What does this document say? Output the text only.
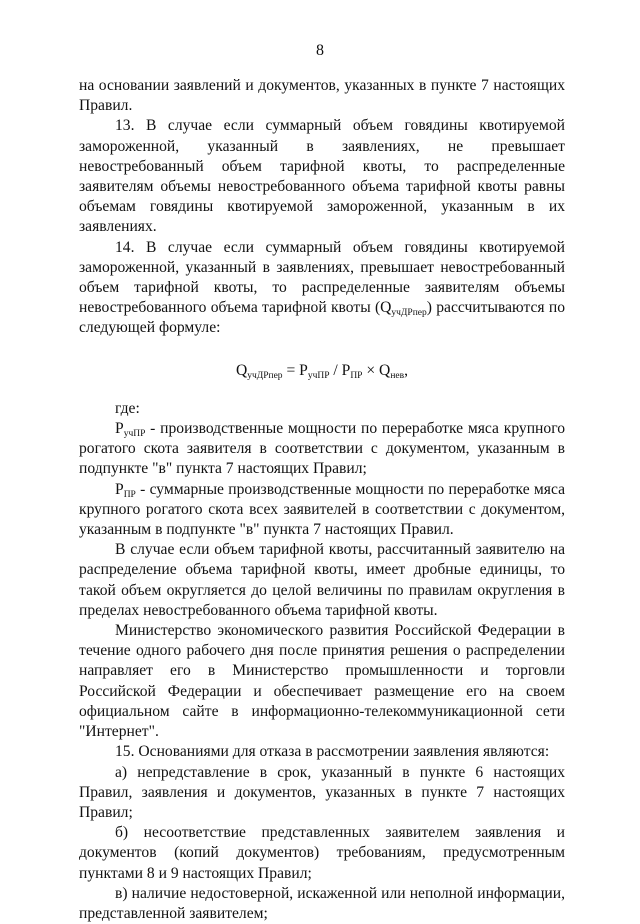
8

на основании заявлений и документов, указанных в пункте 7 настоящих Правил.

13. В случае если суммарный объем говядины квотируемой замороженной, указанный в заявлениях, не превышает невостребованный объем тарифной квоты, то распределенные заявителям объемы невостребованного объема тарифной квоты равны объемам говядины квотируемой замороженной, указанным в их заявлениях.

14. В случае если суммарный объем говядины квотируемой замороженной, указанный в заявлениях, превышает невостребованный объем тарифной квоты, то распределенные заявителям объемы невостребованного объема тарифной квоты $(Q_{учДРпер})$ рассчитываются по следующей формуле:

$Q_{учДРпер} = P_{учПР} / P_{ПР} \times Q_{нев}$,

где:

$P_{учПР}$ - производственные мощности по переработке мяса крупного рогатого скота заявителя в соответствии с документом, указанным в подпункте "в" пункта 7 настоящих Правил;

$P_{ПР}$ - суммарные производственные мощности по переработке мяса крупного рогатого скота всех заявителей в соответствии с документом, указанным в подпункте "в" пункта 7 настоящих Правил.

В случае если объем тарифной квоты, рассчитанный заявителю на распределение объема тарифной квоты, имеет дробные единицы, то такой объем округляется до целой величины по правилам округления в пределах невостребованного объема тарифной квоты.

Министерство экономического развития Российской Федерации в течение одного рабочего дня после принятия решения о распределении направляет его в Министерство промышленности и торговли Российской Федерации и обеспечивает размещение его на своем официальном сайте в информационно-телекоммуникационной сети "Интернет".

15. Основаниями для отказа в рассмотрении заявления являются:

а) непредставление в срок, указанный в пункте 6 настоящих Правил, заявления и документов, указанных в пункте 7 настоящих Правил;

б) несоответствие представленных заявителем заявления и документов (копий документов) требованиям, предусмотренным пунктами 8 и 9 настоящих Правил;

в) наличие недостоверной, искаженной или неполной информации, представленной заявителем;
